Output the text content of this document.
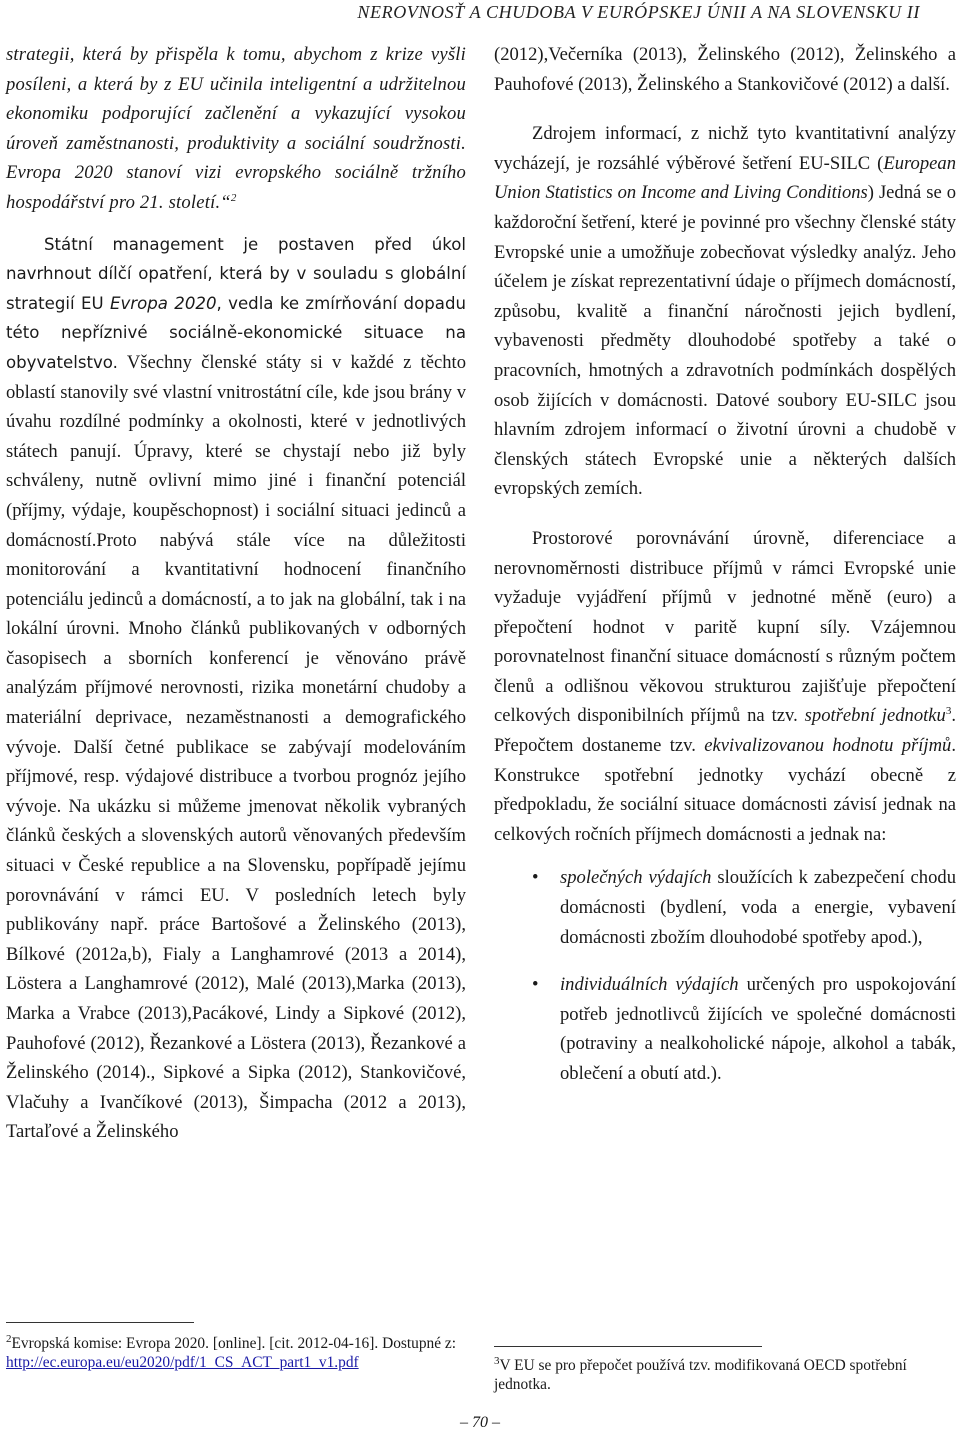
NEROVNOSŤ A CHUDOBA V EURÓPSKEJ ÚNII A NA SLOVENSKU II

strategii, která by přispěla k tomu, abychom z krize vyšli posíleni, a která by z EU učinila inteligentní a udržitelnou ekonomiku podporující začlenění a vykazující vysokou úroveň zaměstnanosti, produktivity a sociální soudržnosti. Evropa 2020 stanoví vizi evropského sociálně tržního hospodářství pro 21. století.“$^2$

Státní management je postaven před úkol navrhnout dílčí opatření, která by v souladu s globální strategií EU Evropa 2020, vedla ke zmírňování dopadu této nepříznivé sociálně-ekonomické situace na obyvatelstvo. Všechny členské státy si v každé z těchto oblastí stanovily své vlastní vnitrostátní cíle, kde jsou brány v úvahu rozdílné podmínky a okolnosti, které v jednotlivých státech panují. Úpravy, které se chystají nebo již byly schváleny, nutně ovlivní mimo jiné i finanční potenciál (příjmy, výdaje, koupěschopnost) i sociální situaci jedinců a domácností.Proto nabývá stále více na důležitosti monitorování a kvantitativní hodnocení finančního potenciálu jedinců a domácností, a to jak na globální, tak i na lokální úrovni. Mnoho článků publikovaných v odborných časopisech a sborních konferencí je věnováno právě analýzám příjmové nerovnosti, rizika monetární chudoby a materiální deprivace, nezaměstnanosti a demografického vývoje. Další četné publikace se zabývají modelováním příjmové, resp. výdajové distribuce a tvorbou prognóz jejího vývoje. Na ukázku si můžeme jmenovat několik vybraných článků českých a slovenských autorů věnovaných především situaci v České republice a na Slovensku, popřípadě jejímu porovnávání v rámci EU. V posledních letech byly publikovány např. práce Bartošové a Želinského (2013), Bílkové (2012a,b), Fialy a Langhamrové (2013 a 2014), Löstera a Langhamrové (2012), Malé (2013),Marka (2013), Marka a Vrabce (2013),Pacákové, Lindy a Sipkové (2012), Pauhofové (2012), Řezankové a Löstera (2013), Řezankové a Želinského (2014)., Sipkové a Sipka (2012), Stankovičové, Vlačuhy a Ivančíkové (2013), Šimpacha (2012 a 2013), Tartaľové a Želinského

(2012),Večerníka (2013), Želinského (2012), Želinského a Pauhofové (2013), Želinského a Stankovičové (2012) a další.

Zdrojem informací, z nichž tyto kvantitativní analýzy vycházejí, je rozsáhlé výběrové šetření EU-SILC (European Union Statistics on Income and Living Conditions) Jedná se o každoroční šetření, které je povinné pro všechny členské státy Evropské unie a umožňuje zobecňovat výsledky analýz. Jeho účelem je získat reprezentativní údaje o příjmech domácností, způsobu, kvalitě a finanční náročnosti jejich bydlení, vybavenosti předměty dlouhodobé spotřeby a také o pracovních, hmotných a zdravotních podmínkách dospělých osob žijících v domácnosti. Datové soubory EU-SILC jsou hlavním zdrojem informací o životní úrovni a chudobě v členských státech Evropské unie a některých dalších evropských zemích.

Prostorové porovnávání úrovně, diferenciace a nerovnoměrnosti distribuce příjmů v rámci Evropské unie vyžaduje vyjádření příjmů v jednotné měně (euro) a přepočtení hodnot v paritě kupní síly. Vzájemnou porovnatelnost finanční situace domácností s různým počtem členů a odlišnou věkovou strukturou zajišťuje přepočtení celkových disponibilních příjmů na tzv. spotřební jednotku$^3$. Přepočtem dostaneme tzv. ekvivalizovanou hodnotu příjmů. Konstrukce spotřební jednotky vychází obecně z předpokladu, že sociální situace domácnosti závisí jednak na celkových ročních příjmech domácnosti a jednak na:

• společných výdajích sloužících k zabezpečení chodu domácnosti (bydlení, voda a energie, vybavení domácnosti zbožím dlouhodobé spotřeby apod.),
• individuálních výdajích určených pro uspokojování potřeb jednotlivců žijících ve společné domácnosti (potraviny a nealkoholické nápoje, alkohol a tabák, oblečení a obutí atd.).
$^2$Evropská komise: Evropa 2020. [online]. [cit. 2012-04-16]. Dostupné z:
http://ec.europa.eu/eu2020/pdf/1_CS_ACT_part1_v1.pdf	$^3$V EU se pro přepočet používá tzv. modifikovaná OECD spotřební jednotka.
– 70 –
